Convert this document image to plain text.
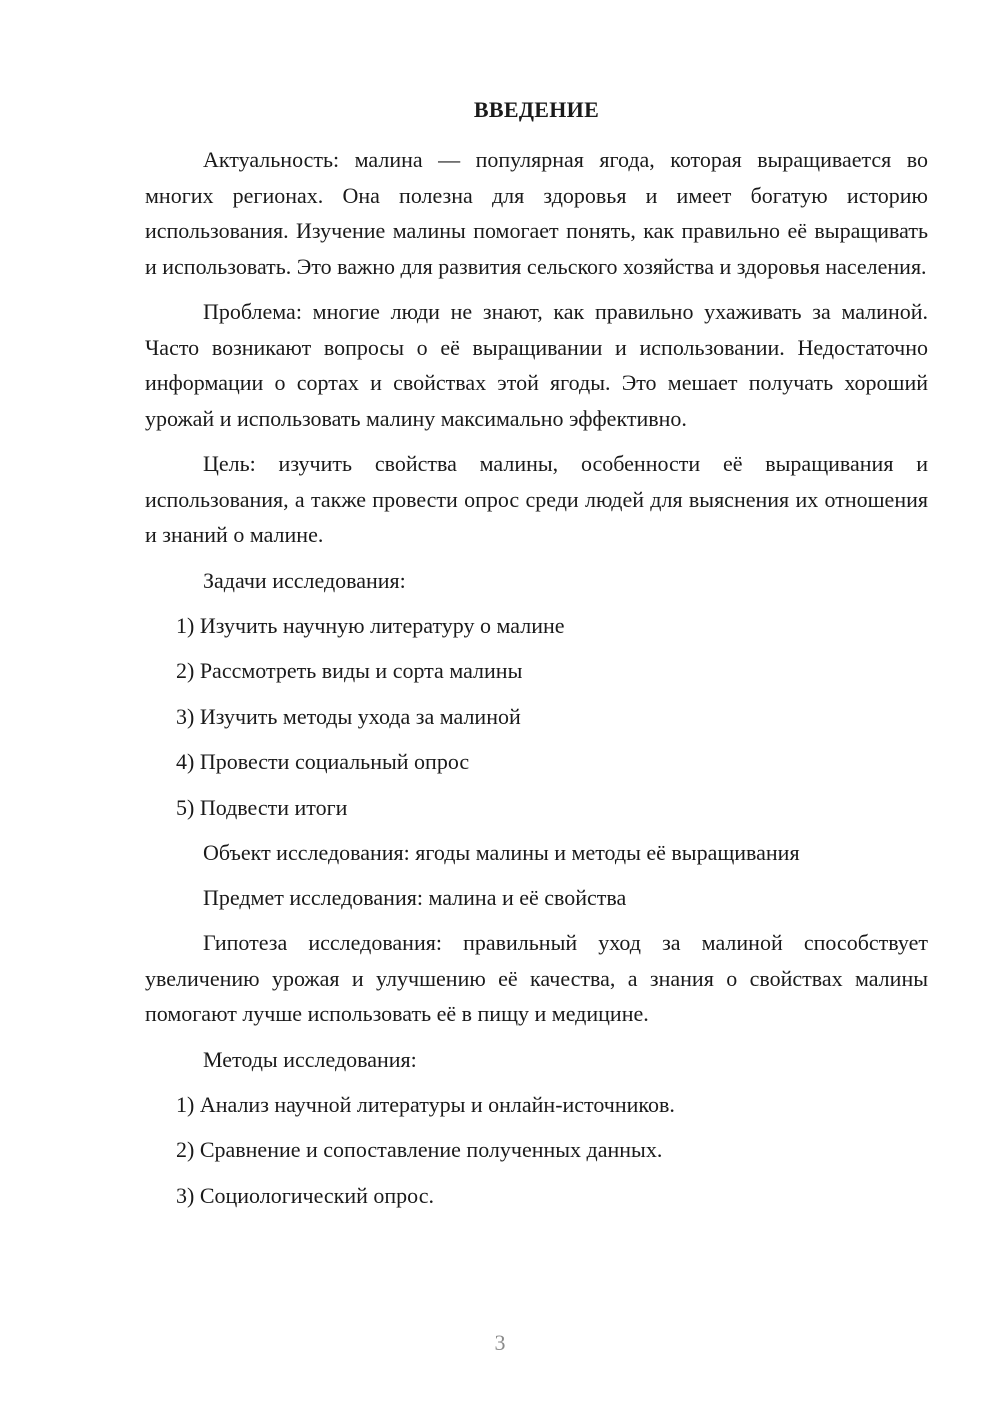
ВВЕДЕНИЕ

Актуальность: малина — популярная ягода, которая выращивается во многих регионах. Она полезна для здоровья и имеет богатую историю использования. Изучение малины помогает понять, как правильно её выращивать и использовать. Это важно для развития сельского хозяйства и здоровья населения.

Проблема: многие люди не знают, как правильно ухаживать за малиной. Часто возникают вопросы о её выращивании и использовании. Недостаточно информации о сортах и свойствах этой ягоды. Это мешает получать хороший урожай и использовать малину максимально эффективно.

Цель: изучить свойства малины, особенности её выращивания и использования, а также провести опрос среди людей для выяснения их отношения и знаний о малине.

Задачи исследования:

1) Изучить научную литературу о малине

2) Рассмотреть виды и сорта малины

3) Изучить методы ухода за малиной

4) Провести социальный опрос

5) Подвести итоги

Объект исследования: ягоды малины и методы её выращивания

Предмет исследования: малина и её свойства

Гипотеза исследования: правильный уход за малиной способствует увеличению урожая и улучшению её качества, а знания о свойствах малины помогают лучше использовать её в пищу и медицине.

Методы исследования:

1) Анализ научной литературы и онлайн-источников.

2) Сравнение и сопоставление полученных данных.

3) Социологический опрос.

3
